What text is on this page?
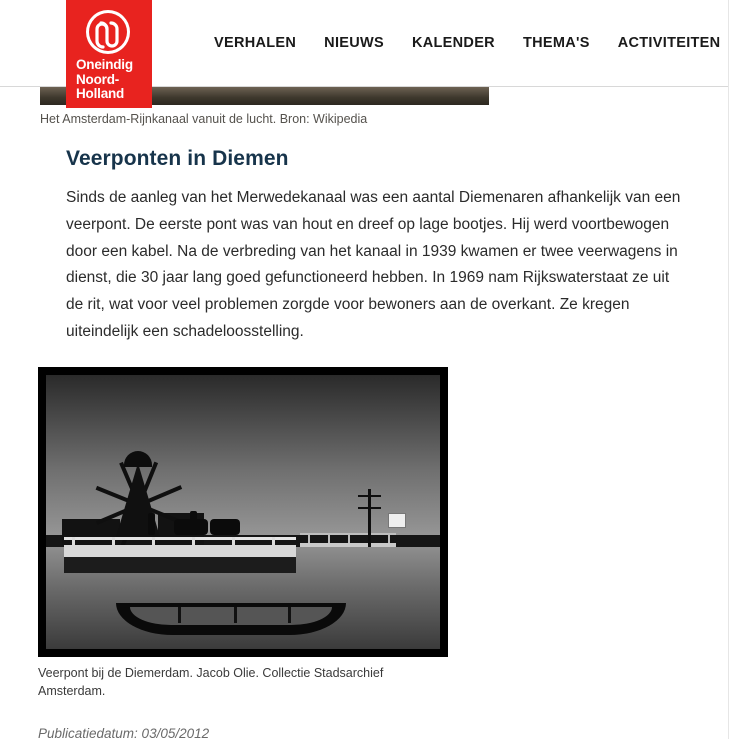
Oneindig
Noord-
Holland
VERHALEN	NIEUWS	KALENDER	THEMA'S	ACTIVITEITEN
Het Amsterdam-Rijnkanaal vanuit de lucht. Bron: Wikipedia
Veerponten in Diemen

Sinds de aanleg van het Merwedekanaal was een aantal Diemenaren afhankelijk van een veerpont. De eerste pont was van hout en dreef op lage bootjes. Hij werd voortbewogen door een kabel. Na de verbreding van het kanaal in 1939 kwamen er twee veerwagens in dienst, die 30 jaar lang goed gefunctioneerd hebben. In 1969 nam Rijkswaterstaat ze uit de rit, wat voor veel problemen zorgde voor bewoners aan de overkant. Ze kregen uiteindelijk een schadeloosstelling.

Veerpont bij de Diemerdam. Jacob Olie. Collectie Stadsarchief Amsterdam.
Publicatiedatum: 03/05/2012
